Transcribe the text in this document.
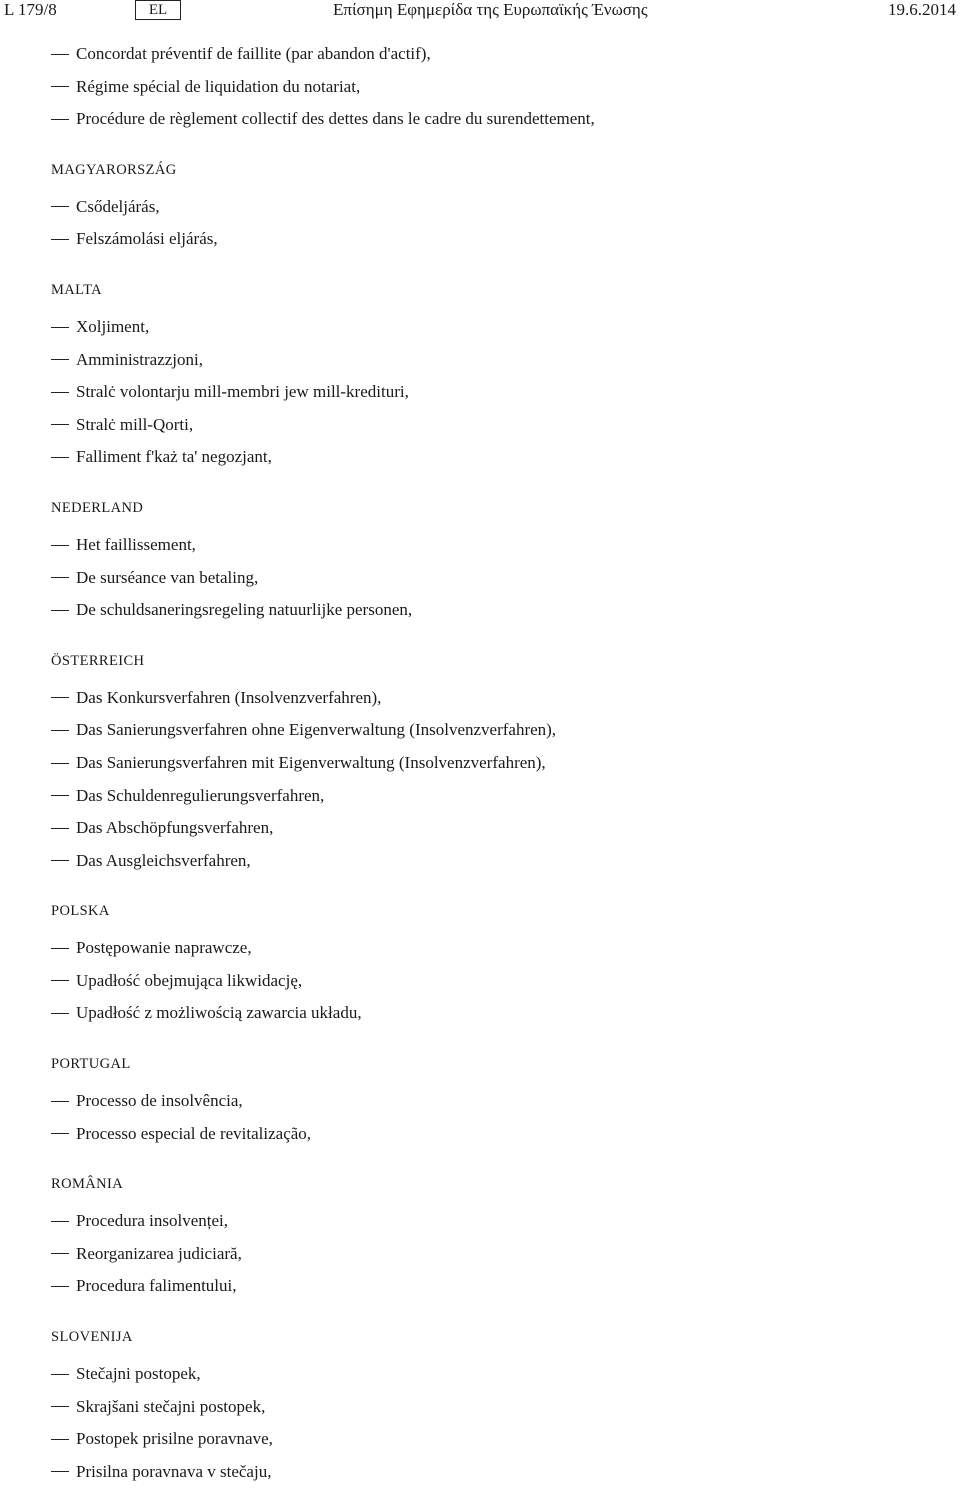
L 179/8	EL	Επίσημη Εφημερίδα της Ευρωπαϊκής Ένωσης	19.6.2014
Concordat préventif de faillite (par abandon d'actif),
Régime spécial de liquidation du notariat,
Procédure de règlement collectif des dettes dans le cadre du surendettement,
MAGYARORSZÁG
Csődeljárás,
Felszámolási eljárás,
MALTA
Xoljiment,
Amministrazzjoni,
Stralċ volontarju mill-membri jew mill-kredituri,
Stralċ mill-Qorti,
Falliment f'każ ta' negozjant,
NEDERLAND
Het faillissement,
De surséance van betaling,
De schuldsaneringsregeling natuurlijke personen,
ÖSTERREICH
Das Konkursverfahren (Insolvenzverfahren),
Das Sanierungsverfahren ohne Eigenverwaltung (Insolvenzverfahren),
Das Sanierungsverfahren mit Eigenverwaltung (Insolvenzverfahren),
Das Schuldenregulierungsverfahren,
Das Abschöpfungsverfahren,
Das Ausgleichsverfahren,
POLSKA
Postępowanie naprawcze,
Upadłość obejmująca likwidację,
Upadłość z możliwością zawarcia układu,
PORTUGAL
Processo de insolvência,
Processo especial de revitalização,
ROMÂNIA
Procedura insolvenței,
Reorganizarea judiciară,
Procedura falimentului,
SLOVENIJA
Stečajni postopek,
Skrajšani stečajni postopek,
Postopek prisilne poravnave,
Prisilna poravnava v stečaju,
